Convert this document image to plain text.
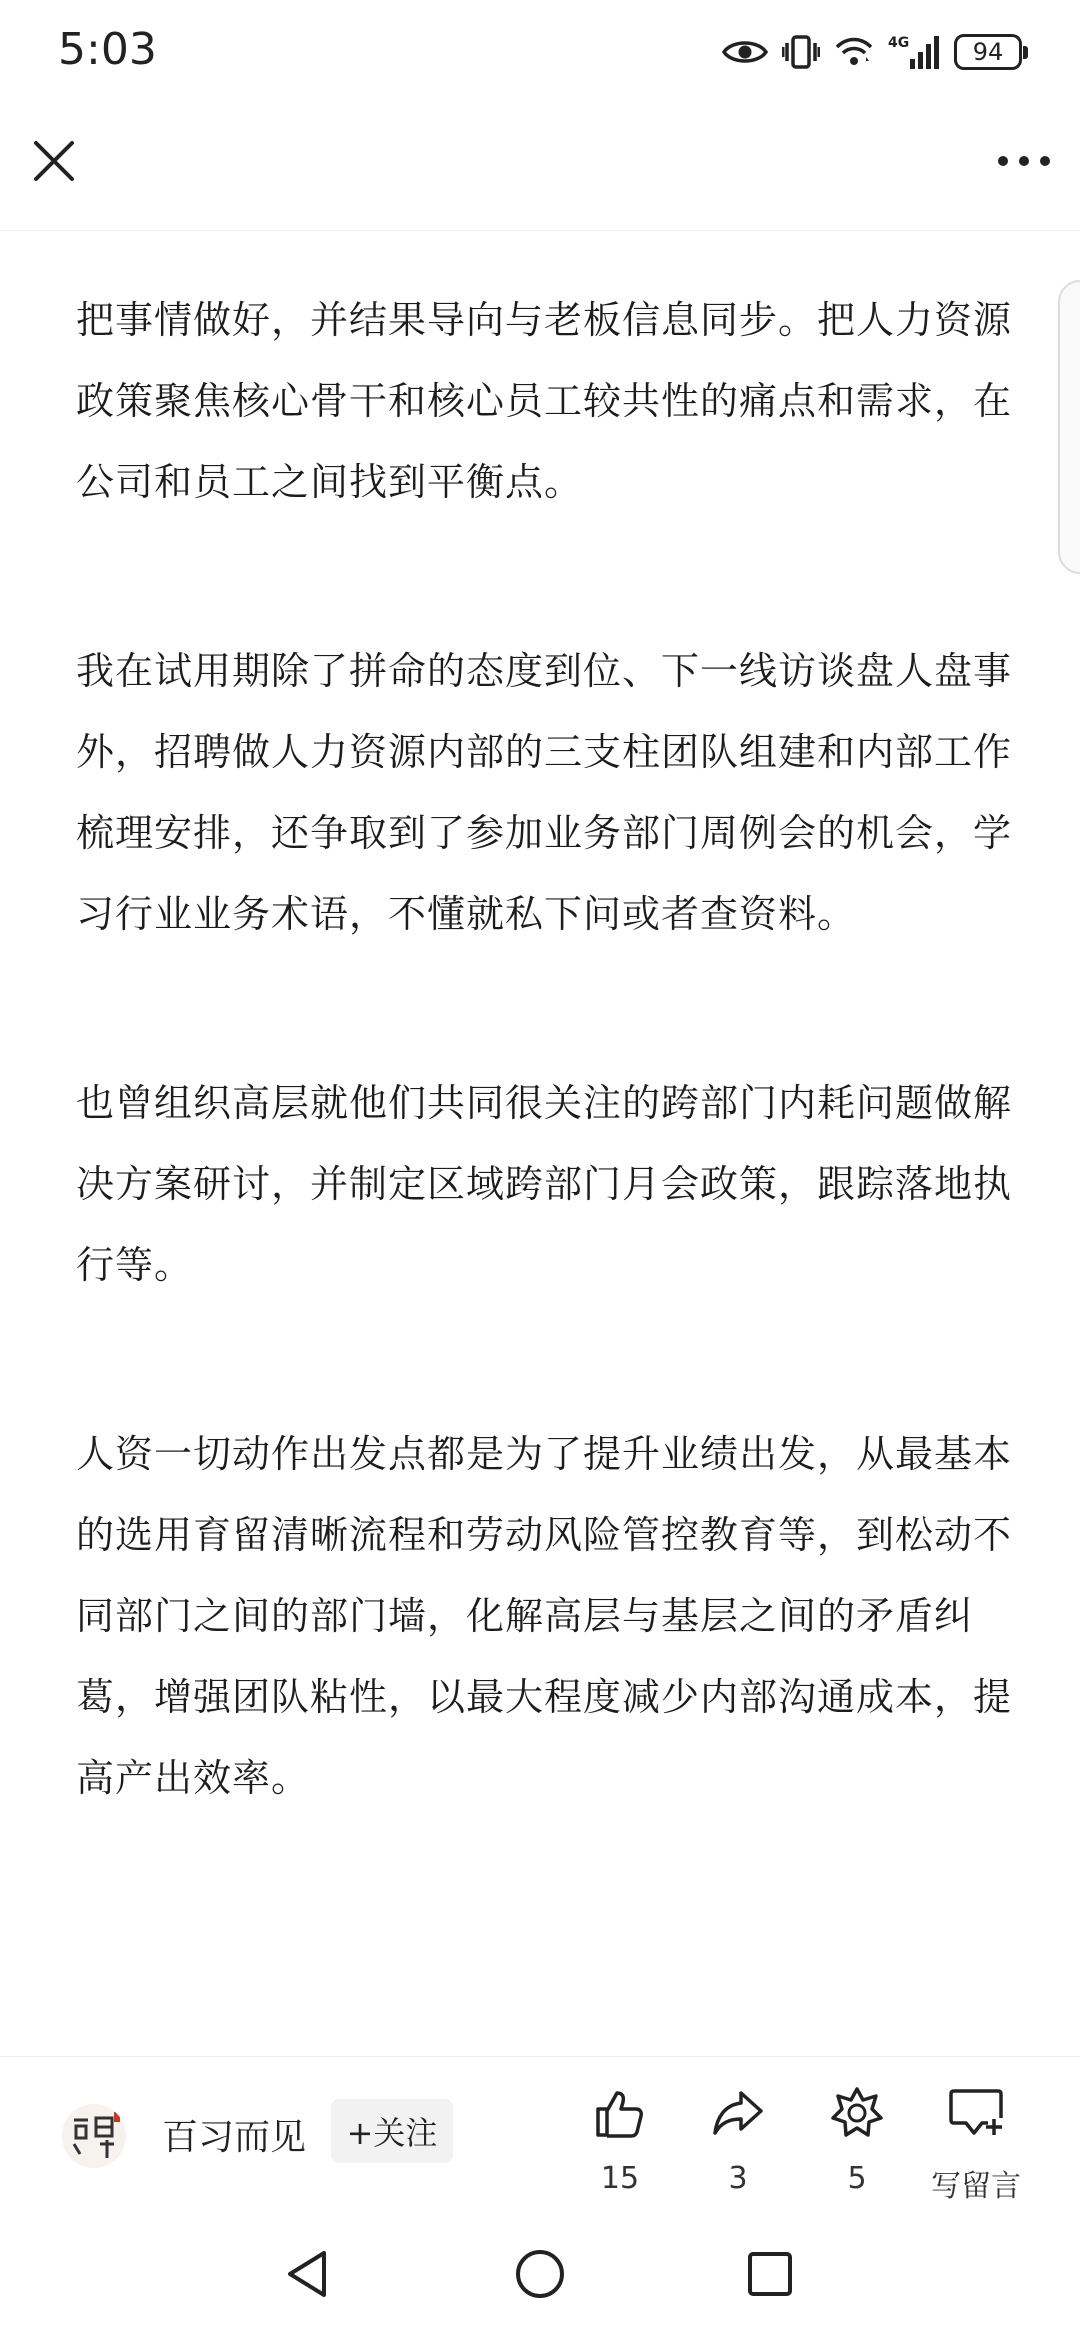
5:03	4G	94

把事情做好，并结果导向与老板信息同步。把人力资源政策聚焦核心骨干和核心员工较共性的痛点和需求，在公司和员工之间找到平衡点。

我在试用期除了拼命的态度到位、下一线访谈盘人盘事外，招聘做人力资源内部的三支柱团队组建和内部工作梳理安排，还争取到了参加业务部门周例会的机会，学习行业业务术语，不懂就私下问或者查资料。

也曾组织高层就他们共同很关注的跨部门内耗问题做解决方案研讨，并制定区域跨部门月会政策，跟踪落地执行等。

人资一切动作出发点都是为了提升业绩出发，从最基本的选用育留清晰流程和劳动风险管控教育等，到松动不同部门之间的部门墙，化解高层与基层之间的矛盾纠葛，增强团队粘性，以最大程度减少内部沟通成本，提高产出效率。

百习而见	+关注
15	3	5 写留言
